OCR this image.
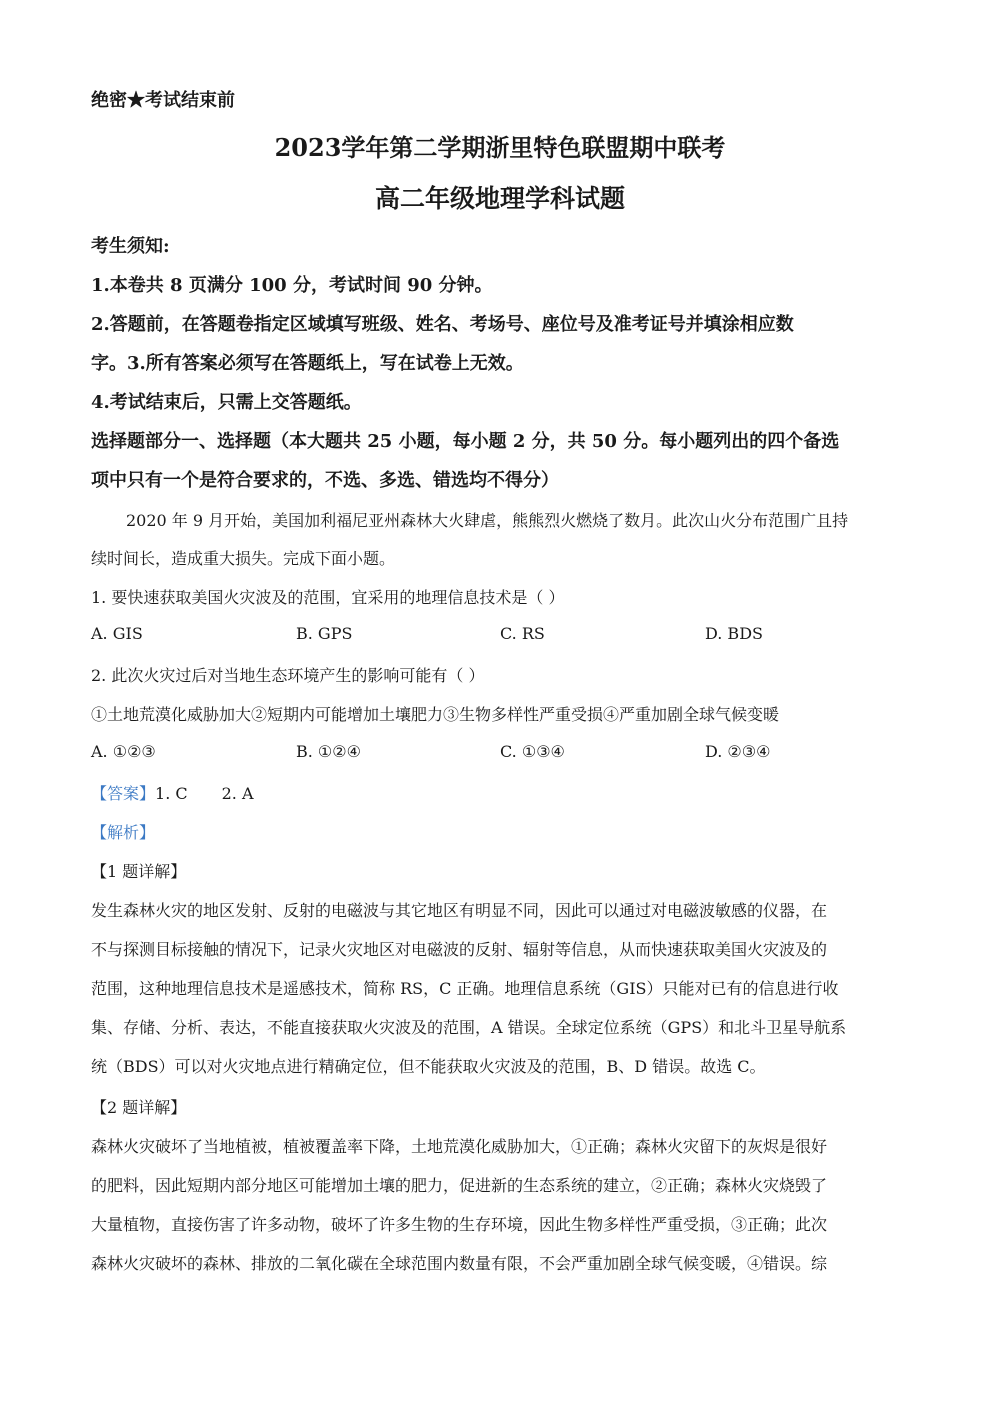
绝密★考试结束前
2023学年第二学期浙里特色联盟期中联考
高二年级地理学科试题
考生须知:
1.本卷共 8 页满分 100 分，考试时间 90 分钟。
2.答题前，在答题卷指定区域填写班级、姓名、考场号、座位号及准考证号并填涂相应数
字。3.所有答案必须写在答题纸上，写在试卷上无效。
4.考试结束后，只需上交答题纸。
选择题部分一、选择题（本大题共 25 小题，每小题 2 分，共 50 分。每小题列出的四个备选
项中只有一个是符合要求的，不选、多选、错选均不得分）
2020 年 9 月开始，美国加利福尼亚州森林大火肆虐，熊熊烈火燃烧了数月。此次山火分布范围广且持
续时间长，造成重大损失。完成下面小题。
1. 要快速获取美国火灾波及的范围，宜采用的地理信息技术是（ ）
A. GIS	B. GPS	C. RS	D. BDS
2. 此次火灾过后对当地生态环境产生的影响可能有（ ）
①土地荒漠化威胁加大②短期内可能增加土壤肥力③生物多样性严重受损④严重加剧全球气候变暖
A. ①②③	B. ①②④	C. ①③④	D. ②③④
【答案】1. C 2. A
【解析】
【1 题详解】
发生森林火灾的地区发射、反射的电磁波与其它地区有明显不同，因此可以通过对电磁波敏感的仪器，在
不与探测目标接触的情况下，记录火灾地区对电磁波的反射、辐射等信息，从而快速获取美国火灾波及的
范围，这种地理信息技术是遥感技术，简称 RS，C 正确。地理信息系统（GIS）只能对已有的信息进行收
集、存储、分析、表达，不能直接获取火灾波及的范围，A 错误。全球定位系统（GPS）和北斗卫星导航系
统（BDS）可以对火灾地点进行精确定位，但不能获取火灾波及的范围，B、D 错误。故选 C。
【2 题详解】
森林火灾破坏了当地植被，植被覆盖率下降，土地荒漠化威胁加大，①正确；森林火灾留下的灰烬是很好
的肥料，因此短期内部分地区可能增加土壤的肥力，促进新的生态系统的建立，②正确；森林火灾烧毁了
大量植物，直接伤害了许多动物，破坏了许多生物的生存环境，因此生物多样性严重受损，③正确；此次
森林火灾破坏的森林、排放的二氧化碳在全球范围内数量有限，不会严重加剧全球气候变暖，④错误。综
